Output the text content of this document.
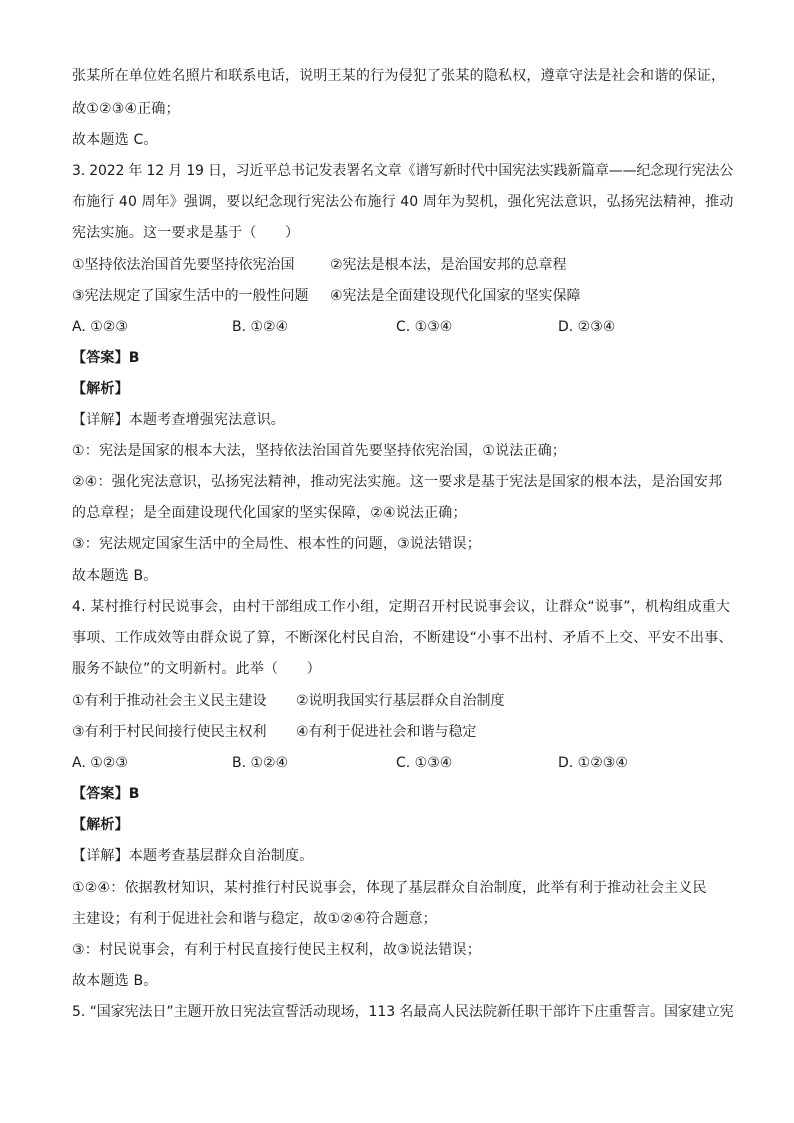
张某所在单位姓名照片和联系电话，说明王某的行为侵犯了张某的隐私权，遵章守法是社会和谐的保证，
故①②③④正确；
故本题选 C。
3. 2022 年 12 月 19 日，习近平总书记发表署名文章《谱写新时代中国宪法实践新篇章——纪念现行宪法公
布施行 40 周年》强调，要以纪念现行宪法公布施行 40 周年为契机，强化宪法意识，弘扬宪法精神，推动
宪法实施。这一要求是基于（　　）
①坚持依法治国首先要坚持依宪治国	②宪法是根本法，是治国安邦的总章程
③宪法规定了国家生活中的一般性问题 ④宪法是全面建设现代化国家的坚实保障
A. ①②③	B. ①②④	C. ①③④	D. ②③④
【答案】B
【解析】
【详解】本题考查增强宪法意识。
①：宪法是国家的根本大法，坚持依法治国首先要坚持依宪治国，①说法正确；
②④：强化宪法意识，弘扬宪法精神，推动宪法实施。这一要求是基于宪法是国家的根本法，是治国安邦
的总章程；是全面建设现代化国家的坚实保障，②④说法正确；
③：宪法规定国家生活中的全局性、根本性的问题，③说法错误；
故本题选 B。
4. 某村推行村民说事会，由村干部组成工作小组，定期召开村民说事会议，让群众“说事”，机构组成重大
事项、工作成效等由群众说了算，不断深化村民自治，不断建设“小事不出村、矛盾不上交、平安不出事、
服务不缺位”的文明新村。此举（　　）
①有利于推动社会主义民主建设 ②说明我国实行基层群众自治制度
③有利于村民间接行使民主权利 ④有利于促进社会和谐与稳定
A. ①②③	B. ①②④	C. ①③④	D. ①②③④
【答案】B
【解析】
【详解】本题考查基层群众自治制度。
①②④：依据教材知识，某村推行村民说事会，体现了基层群众自治制度，此举有利于推动社会主义民
主建设；有利于促进社会和谐与稳定，故①②④符合题意；
③：村民说事会，有利于村民直接行使民主权利，故③说法错误；
故本题选 B。
5. “国家宪法日”主题开放日宪法宣誓活动现场，113 名最高人民法院新任职干部许下庄重誓言。国家建立宪
